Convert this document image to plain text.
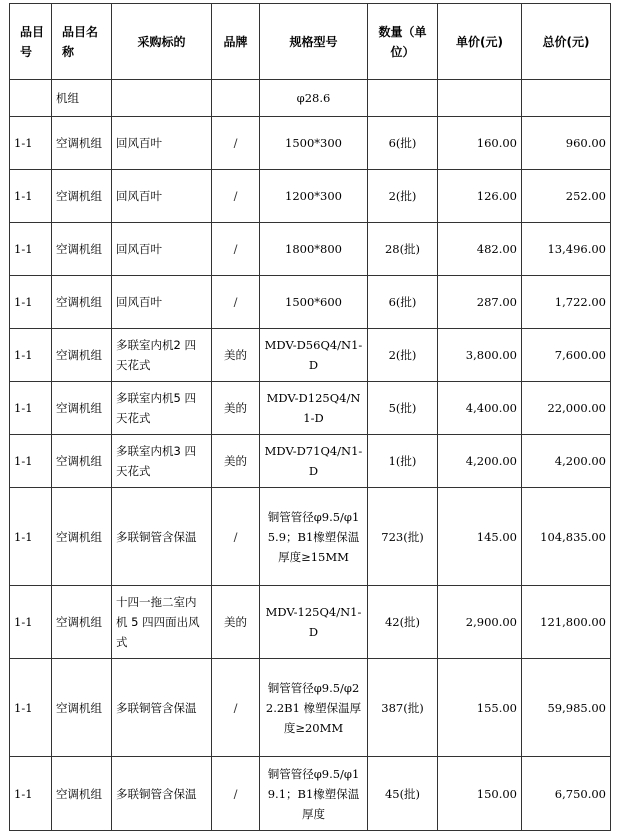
品目号	品目名称	采购标的	品牌	规格型号	数量（单位）	单价(元)	总价(元)
	机组			φ28.6			
1-1	空调机组	回风百叶	/	1500*300	6(批)	160.00	960.00
1-1	空调机组	回风百叶	/	1200*300	2(批)	126.00	252.00
1-1	空调机组	回风百叶	/	1800*800	28(批)	482.00	13,496.00
1-1	空调机组	回风百叶	/	1500*600	6(批)	287.00	1,722.00
1-1	空调机组	多联室内机2 四天花式	美的	MDV-D56Q4/N1-D	2(批)	3,800.00	7,600.00
1-1	空调机组	多联室内机5 四天花式	美的	MDV-D125Q4/N1-D	5(批)	4,400.00	22,000.00
1-1	空调机组	多联室内机3 四天花式	美的	MDV-D71Q4/N1-D	1(批)	4,200.00	4,200.00
1-1	空调机组	多联铜管含保温	/	铜管管径φ9.5/φ15.9；B1橡塑保温厚度≥15MM	723(批)	145.00	104,835.00
1-1	空调机组	十四一拖二室内机 5 四四面出风式	美的	MDV-125Q4/N1-D	42(批)	2,900.00	121,800.00
1-1	空调机组	多联铜管含保温	/	铜管管径φ9.5/φ22.2B1 橡塑保温厚度≥20MM	387(批)	155.00	59,985.00
1-1	空调机组	多联铜管含保温	/	铜管管径φ9.5/φ19.1；B1橡塑保温厚度	45(批)	150.00	6,750.00
